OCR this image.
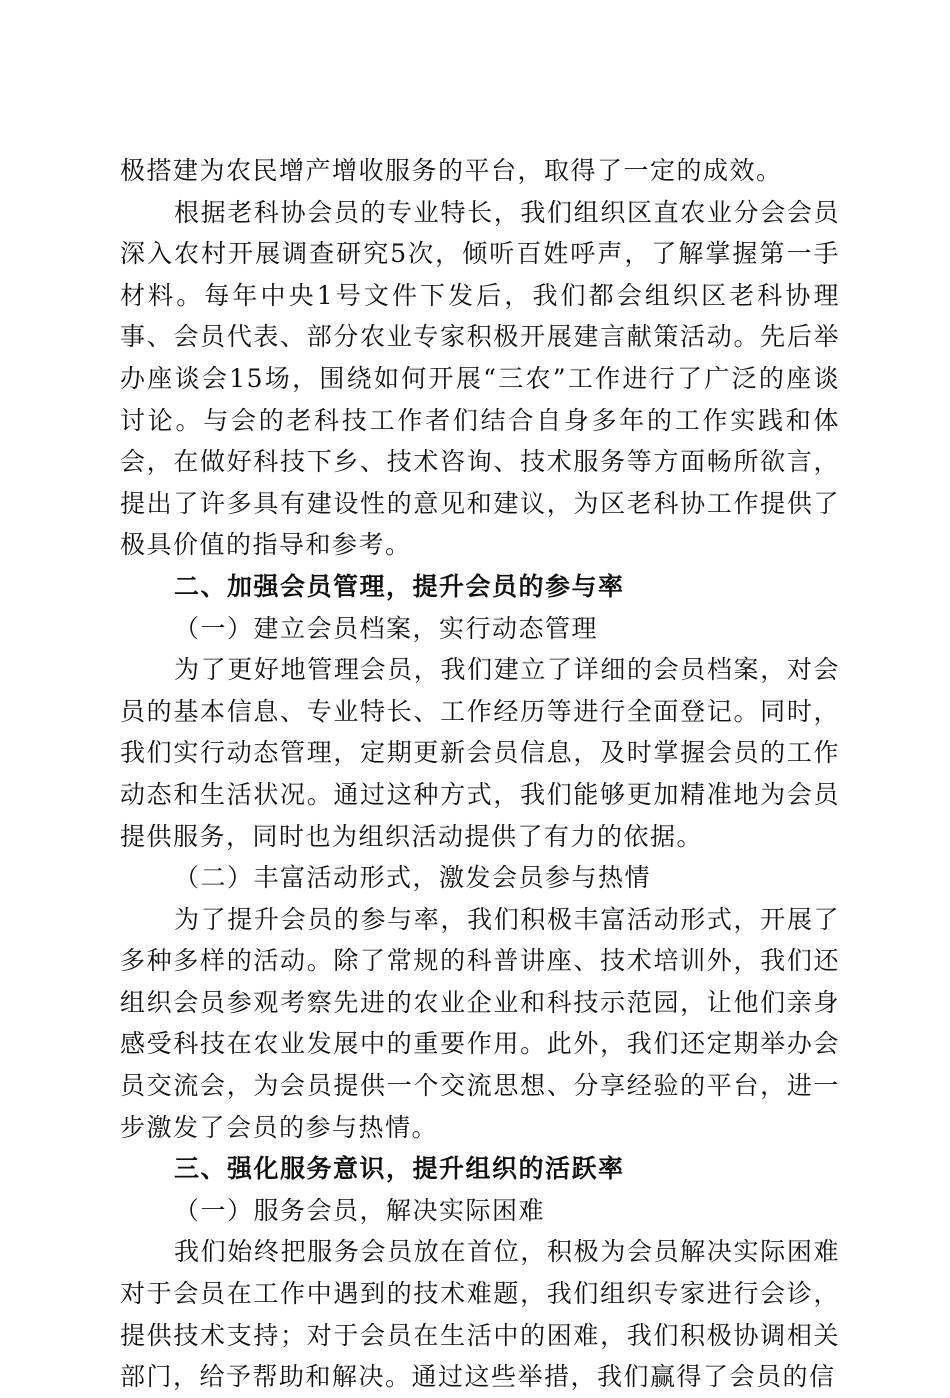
极搭建为农民增产增收服务的平台，取得了一定的成效。

根据老科协会员的专业特长，我们组织区直农业分会会员深入农村开展调查研究5次，倾听百姓呼声，了解掌握第一手材料。每年中央1号文件下发后，我们都会组织区老科协理事、会员代表、部分农业专家积极开展建言献策活动。先后举办座谈会15场，围绕如何开展“三农”工作进行了广泛的座谈讨论。与会的老科技工作者们结合自身多年的工作实践和体会，在做好科技下乡、技术咨询、技术服务等方面畅所欲言，提出了许多具有建设性的意见和建议，为区老科协工作提供了极具价值的指导和参考。

二、加强会员管理，提升会员的参与率

（一）建立会员档案，实行动态管理

为了更好地管理会员，我们建立了详细的会员档案，对会员的基本信息、专业特长、工作经历等进行全面登记。同时，我们实行动态管理，定期更新会员信息，及时掌握会员的工作动态和生活状况。通过这种方式，我们能够更加精准地为会员提供服务，同时也为组织活动提供了有力的依据。

（二）丰富活动形式，激发会员参与热情

为了提升会员的参与率，我们积极丰富活动形式，开展了多种多样的活动。除了常规的科普讲座、技术培训外，我们还组织会员参观考察先进的农业企业和科技示范园，让他们亲身感受科技在农业发展中的重要作用。此外，我们还定期举办会员交流会，为会员提供一个交流思想、分享经验的平台，进一步激发了会员的参与热情。

三、强化服务意识，提升组织的活跃率

（一）服务会员，解决实际困难

我们始终把服务会员放在首位，积极为会员解决实际困难对于会员在工作中遇到的技术难题，我们组织专家进行会诊，提供技术支持；对于会员在生活中的困难，我们积极协调相关部门，给予帮助和解决。通过这些举措，我们赢得了会员的信
